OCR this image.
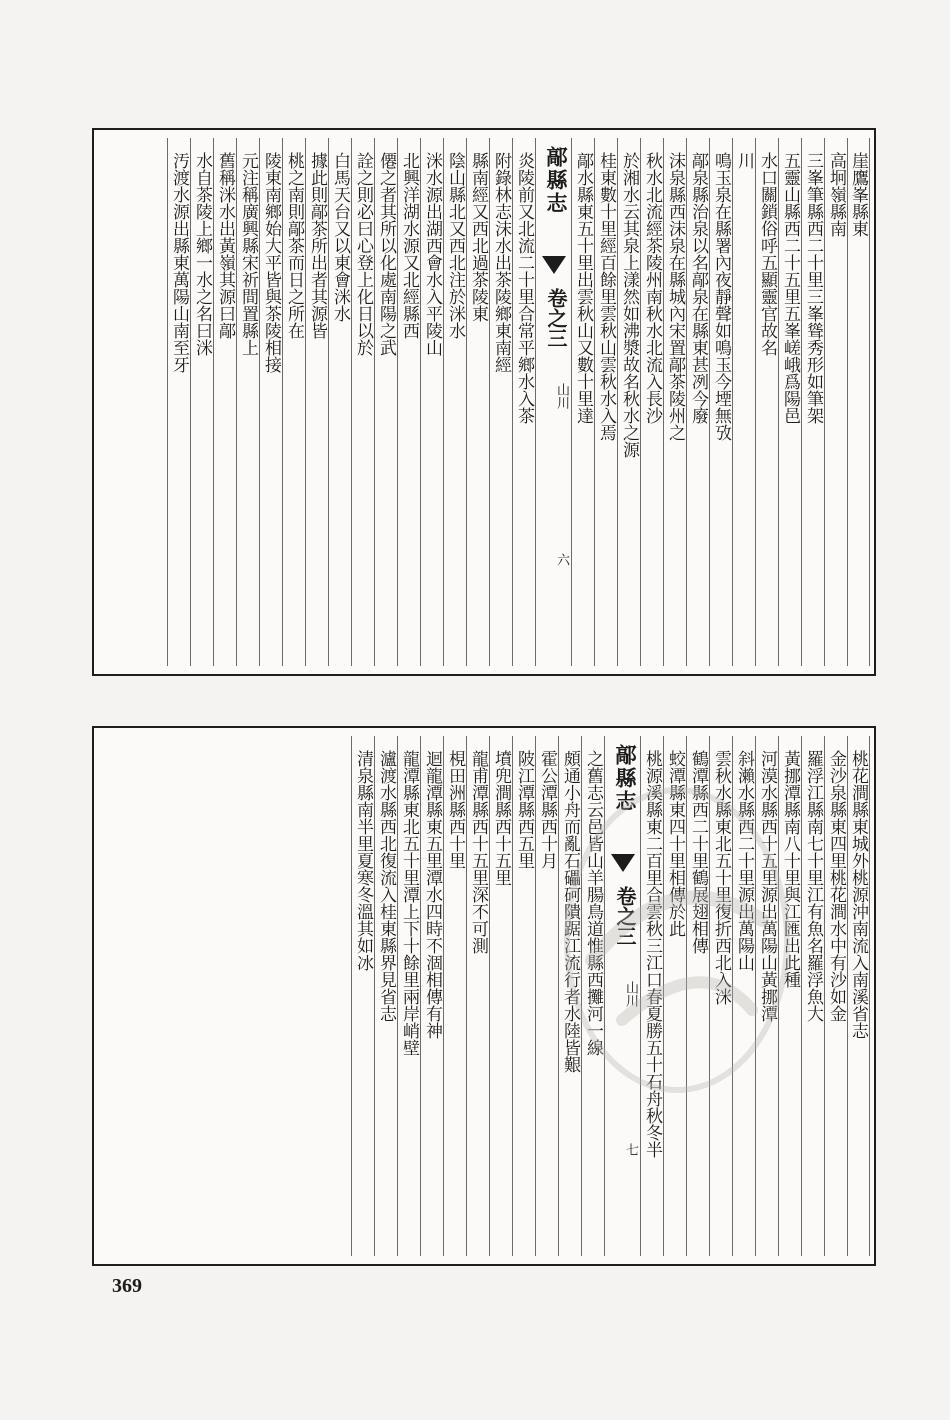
崖鷹峯縣東
高坰嶺縣南
三峯筆縣西二十里三峯聳秀形如筆架
五靈山縣西二十五里五峯嵯峨爲陽邑
水口關鎖俗呼五顯靈官故名
川
鳴玉泉在縣署內夜靜聲如鳴玉今堙無攷
鄗泉縣治泉以名鄗泉在縣東甚冽今廢
沫泉縣西沫泉在縣城內宋置鄗茶陵州之
秋水北流經茶陵州南秋水北流入長沙
於湘水云其泉上漾然如沸漿故名秋水之源
桂東數十里經百餘里雲秋山雲秋水入焉
鄗水縣東五十里出雲秋山又數十里達
鄗縣志
卷之三
山川
六
炎陵前又北流二十里合常平鄉水入茶
附錄林志沫水出茶陵鄉東南經
縣南經又西北過茶陵東
陰山縣北又西北注於洣水
洣水源出湖西會水入平陵山
北興洋湖水源又北經縣西
僊之者其所以化處南陽之武
詮之則必曰心登上化日以於
白馬天台又以東會洣水
據此則鄗茶所出者其源皆
桃之南則鄗茶而日之所在
陵東南鄉始大平皆與茶陵相接
元注稱廣興縣宋祈間置縣上
舊稱洣水出黃嶺其源曰鄗
水自茶陵上鄉一水之名曰洣
汚渡水源出縣東萬陽山南至牙
桃花澗縣東城外桃源沖南流入南溪省志
金沙泉縣東四里桃花澗水中有沙如金
羅浮江縣南七十里江有魚名羅浮魚大
黃挪潭縣南八十里與江匯出此種
河漠水縣西十五里源出萬陽山黃挪潭
斜瀨水縣西二十里源出萬陽山
雲秋水縣東北五十里復折西北入洣
鶴潭縣西二十里鶴展翅相傳
蛟潭縣東四十里相傳於此
桃源溪縣東二百里合雲秋三江口春夏勝五十石舟秋冬半
鄗縣志
卷之三
山川
七
之舊志云邑皆山羊腸鳥道惟縣西攤河一線
頗通小舟而亂石礧砢隤踞江流行者水陸皆艱
霍公潭縣西十月
陂江潭縣西五里
墳兜澗縣西十五里
龍甫潭縣西十五里深不可測
梘田洲縣西十里
迴龍潭縣東五里潭水四時不涸相傳有神
龍潭縣東北五十里潭上下十餘里兩岸峭壁
瀘渡水縣西北復流入桂東縣界見省志
清泉縣南半里夏寒冬溫其如冰
369
